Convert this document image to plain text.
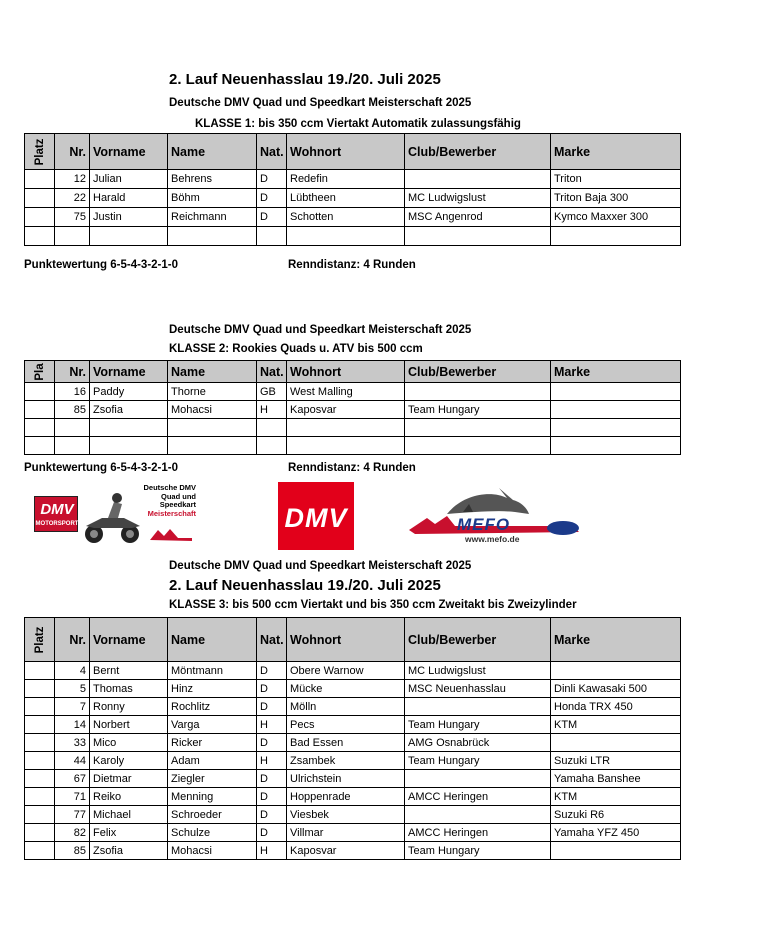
2. Lauf Neuenhasslau 19./20. Juli 2025
Deutsche DMV Quad und Speedkart Meisterschaft 2025
KLASSE 1: bis 350 ccm Viertakt Automatik zulassungsfähig
Platz	Nr.	Vorname	Name	Nat.	Wohnort	Club/Bewerber	Marke
	12	Julian	Behrens	D	Redefin		Triton
	22	Harald	Böhm	D	Lübtheen	MC Ludwigslust	Triton Baja 300
	75	Justin	Reichmann	D	Schotten	MSC Angenrod	Kymco Maxxer 300

Punktewertung 6-5-4-3-2-1-0	Renndistanz: 4 Runden
Deutsche DMV Quad und Speedkart Meisterschaft 2025
KLASSE 2: Rookies Quads u. ATV bis 500 ccm
Pla	Nr.	Vorname	Name	Nat.	Wohnort	Club/Bewerber	Marke
	16	Paddy	Thorne	GB	West Malling		
	85	Zsofia	Mohacsi	H	Kaposvar	Team Hungary	

Punktewertung 6-5-4-3-2-1-0	Renndistanz: 4 Runden
DMV
MOTORSPORT
Deutsche DMV
Quad und
Speedkart
Meisterschaft	DMV	MEFO
www.mefo.de
Deutsche DMV Quad und Speedkart Meisterschaft 2025
2. Lauf Neuenhasslau 19./20. Juli 2025
KLASSE 3: bis 500 ccm Viertakt und bis 350 ccm Zweitakt bis Zweizylinder
Platz	Nr.	Vorname	Name	Nat.	Wohnort	Club/Bewerber	Marke
	4	Bernt	Möntmann	D	Obere Warnow	MC Ludwigslust	
	5	Thomas	Hinz	D	Mücke	MSC Neuenhasslau	Dinli Kawasaki 500
	7	Ronny	Rochlitz	D	Mölln		Honda TRX 450
	14	Norbert	Varga	H	Pecs	Team Hungary	KTM
	33	Mico	Ricker	D	Bad Essen	AMG Osnabrück	
	44	Karoly	Adam	H	Zsambek	Team Hungary	Suzuki LTR
	67	Dietmar	Ziegler	D	Ulrichstein		Yamaha Banshee
	71	Reiko	Menning	D	Hoppenrade	AMCC Heringen	KTM
	77	Michael	Schroeder	D	Viesbek		Suzuki R6
	82	Felix	Schulze	D	Villmar	AMCC Heringen	Yamaha YFZ 450
	85	Zsofia	Mohacsi	H	Kaposvar	Team Hungary	
